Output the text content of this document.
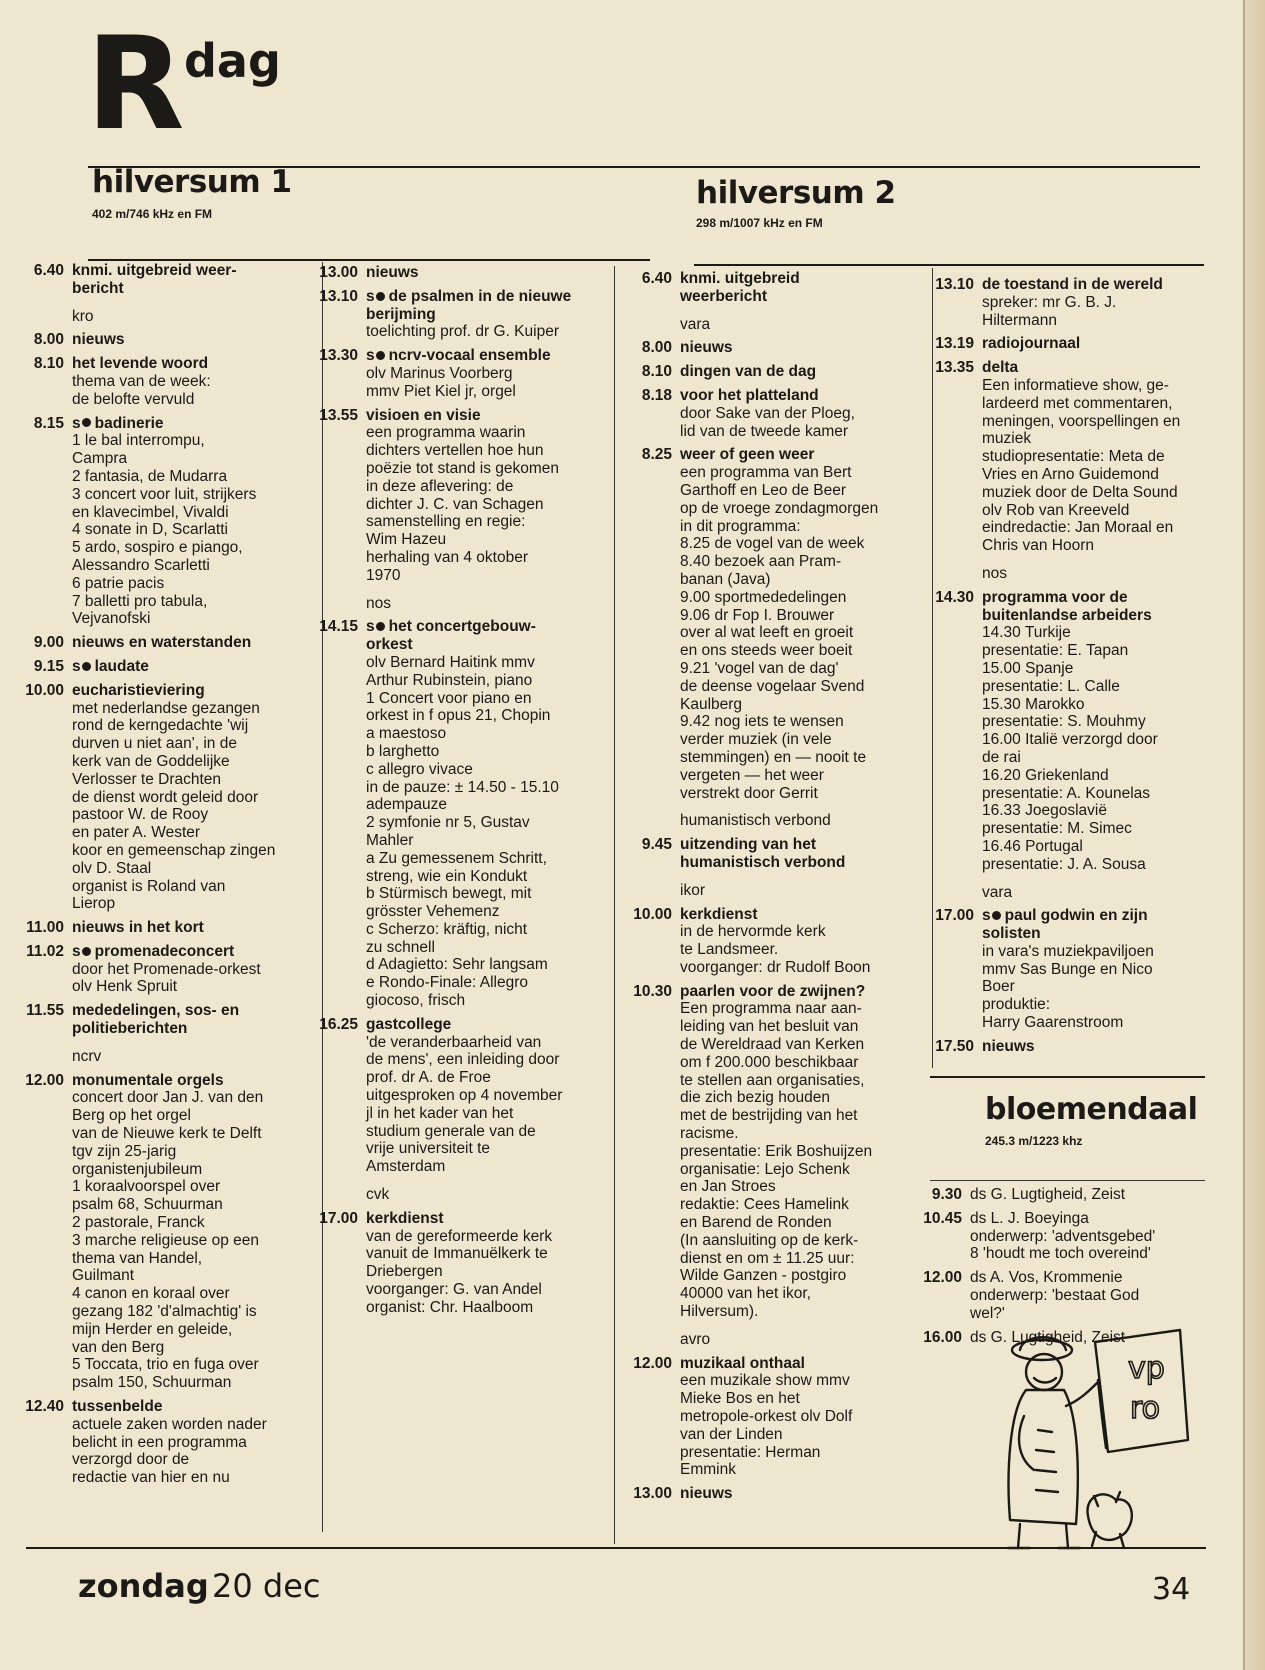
R dag
hilversum 1
402 m/746 kHz en FM
hilversum 2
298 m/1007 kHz en FM
6.40 knmi. uitgebreid weer-
bericht
kro
8.00 nieuws
8.10 het levende woord
thema van de week:
de belofte vervuld
8.15 s badinerie
1 le bal interrompu,
Campra
2 fantasia, de Mudarra
3 concert voor luit, strijkers
en klavecimbel, Vivaldi
4 sonate in D, Scarlatti
5 ardo, sospiro e piango,
Alessandro Scarletti
6 patrie pacis
7 balletti pro tabula,
Vejvanofski
9.00 nieuws en waterstanden
9.15 s laudate
10.00 eucharistieviering
met nederlandse gezangen
rond de kerngedachte 'wij
durven u niet aan', in de
kerk van de Goddelijke
Verlosser te Drachten
de dienst wordt geleid door
pastoor W. de Rooy
en pater A. Wester
koor en gemeenschap zingen
olv D. Staal
organist is Roland van
Lierop
11.00 nieuws in het kort
11.02 s promenadeconcert
door het Promenade-orkest
olv Henk Spruit
11.55 mededelingen, sos- en
politieberichten
ncrv
12.00 monumentale orgels
concert door Jan J. van den
Berg op het orgel
van de Nieuwe kerk te Delft
tgv zijn 25-jarig
organistenjubileum
1 koraalvoorspel over
psalm 68, Schuurman
2 pastorale, Franck
3 marche religieuse op een
thema van Handel,
Guilmant
4 canon en koraal over
gezang 182 'd'almachtig' is
mijn Herder en geleide,
van den Berg
5 Toccata, trio en fuga over
psalm 150, Schuurman
12.40 tussenbelde
actuele zaken worden nader
belicht in een programma
verzorgd door de
redactie van hier en nu
13.00 nieuws
13.10 s de psalmen in de nieuwe
berijming
toelichting prof. dr G. Kuiper
13.30 s ncrv-vocaal ensemble
olv Marinus Voorberg
mmv Piet Kiel jr, orgel
13.55 visioen en visie
een programma waarin
dichters vertellen hoe hun
poëzie tot stand is gekomen
in deze aflevering: de
dichter J. C. van Schagen
samenstelling en regie:
Wim Hazeu
herhaling van 4 oktober
1970
nos
14.15 s het concertgebouw-
orkest
olv Bernard Haitink mmv
Arthur Rubinstein, piano
1 Concert voor piano en
orkest in f opus 21, Chopin
a maestoso
b larghetto
c allegro vivace
in de pauze: ± 14.50 - 15.10
adempauze
2 symfonie nr 5, Gustav
Mahler
a Zu gemessenem Schritt,
streng, wie ein Kondukt
b Stürmisch bewegt, mit
grösster Vehemenz
c Scherzo: kräftig, nicht
zu schnell
d Adagietto: Sehr langsam
e Rondo-Finale: Allegro
giocoso, frisch
16.25 gastcollege
'de veranderbaarheid van
de mens', een inleiding door
prof. dr A. de Froe
uitgesproken op 4 november
jl in het kader van het
studium generale van de
vrije universiteit te
Amsterdam
cvk
17.00 kerkdienst
van de gereformeerde kerk
vanuit de Immanuëlkerk te
Driebergen
voorganger: G. van Andel
organist: Chr. Haalboom
6.40 knmi. uitgebreid
weerbericht
vara
8.00 nieuws
8.10 dingen van de dag
8.18 voor het platteland
door Sake van der Ploeg,
lid van de tweede kamer
8.25 weer of geen weer
een programma van Bert
Garthoff en Leo de Beer
op de vroege zondagmorgen
in dit programma:
8.25 de vogel van de week
8.40 bezoek aan Pram-
banan (Java)
9.00 sportmededelingen
9.06 dr Fop I. Brouwer
over al wat leeft en groeit
en ons steeds weer boeit
9.21 'vogel van de dag'
de deense vogelaar Svend
Kaulberg
9.42 nog iets te wensen
verder muziek (in vele
stemmingen) en — nooit te
vergeten — het weer
verstrekt door Gerrit
humanistisch verbond
9.45 uitzending van het
humanistisch verbond
ikor
10.00 kerkdienst
in de hervormde kerk
te Landsmeer.
voorganger: dr Rudolf Boon
10.30 paarlen voor de zwijnen?
Een programma naar aan-
leiding van het besluit van
de Wereldraad van Kerken
om f 200.000 beschikbaar
te stellen aan organisaties,
die zich bezig houden
met de bestrijding van het
racisme.
presentatie: Erik Boshuijzen
organisatie: Lejo Schenk
en Jan Stroes
redaktie: Cees Hamelink
en Barend de Ronden
(In aansluiting op de kerk-
dienst en om ± 11.25 uur:
Wilde Ganzen - postgiro
40000 van het ikor,
Hilversum).
avro
12.00 muzikaal onthaal
een muzikale show mmv
Mieke Bos en het
metropole-orkest olv Dolf
van der Linden
presentatie: Herman
Emmink
13.00 nieuws
13.10 de toestand in de wereld
spreker: mr G. B. J.
Hiltermann
13.19 radiojournaal
13.35 delta
Een informatieve show, ge-
lardeerd met commentaren,
meningen, voorspellingen en
muziek
studiopresentatie: Meta de
Vries en Arno Guidemond
muziek door de Delta Sound
olv Rob van Kreeveld
eindredactie: Jan Moraal en
Chris van Hoorn
nos
14.30 programma voor de
buitenlandse arbeiders
14.30 Turkije
presentatie: E. Tapan
15.00 Spanje
presentatie: L. Calle
15.30 Marokko
presentatie: S. Mouhmy
16.00 Italië verzorgd door
de rai
16.20 Griekenland
presentatie: A. Kounelas
16.33 Joegoslavië
presentatie: M. Simec
16.46 Portugal
presentatie: J. A. Sousa
vara
17.00 s paul godwin en zijn
solisten
in vara's muziekpaviljoen
mmv Sas Bunge en Nico
Boer
produktie:
Harry Gaarenstroom
17.50 nieuws
bloemendaal
245.3 m/1223 khz
9.30 ds G. Lugtigheid, Zeist
10.45 ds L. J. Boeyinga
onderwerp: 'adventsgebed'
8 'houdt me toch overeind'
12.00 ds A. Vos, Krommenie
onderwerp: 'bestaat God
wel?'
16.00 ds G. Lugtigheid, Zeist
vp
ro
zondag 20 dec	34
